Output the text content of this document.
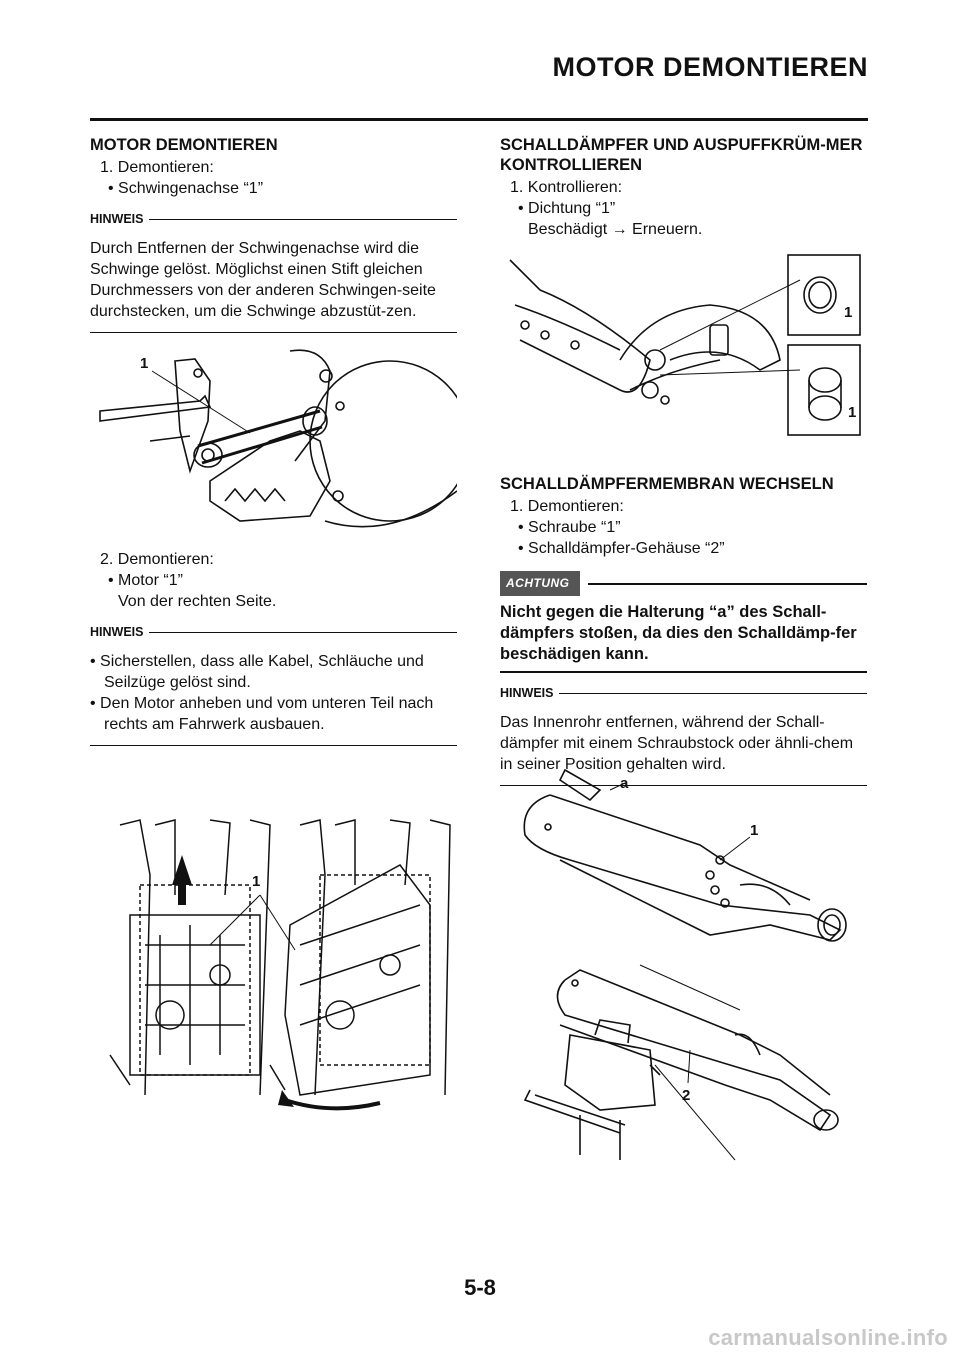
MOTOR DEMONTIEREN

MOTOR DEMONTIEREN

1. Demontieren:

• Schwingenachse “1”

HINWEIS

Durch Entfernen der Schwingenachse wird die Schwinge gelöst. Möglichst einen Stift gleichen Durchmessers von der anderen Schwingen-seite durchstecken, um die Schwinge abzustüt-zen.

1

2. Demontieren:

• Motor “1”

Von der rechten Seite.

HINWEIS

• Sicherstellen, dass alle Kabel, Schläuche und Seilzüge gelöst sind.

• Den Motor anheben und vom unteren Teil nach rechts am Fahrwerk ausbauen.

1

SCHALLDÄMPFER UND AUSPUFFKRÜM-MER KONTROLLIEREN

1. Kontrollieren:

• Dichtung “1”

Beschädigt → Erneuern.

1
1

SCHALLDÄMPFERMEMBRAN WECHSELN

1. Demontieren:

• Schraube “1”

• Schalldämpfer-Gehäuse “2”

ACHTUNG

Nicht gegen die Halterung “a” des Schall-dämpfers stoßen, da dies den Schalldämp-fer beschädigen kann.

HINWEIS

Das Innenrohr entfernen, während der Schall-dämpfer mit einem Schraubstock oder ähnli-chem in seiner Position gehalten wird.

a
1
2
5-8
carmanualsonline.info
